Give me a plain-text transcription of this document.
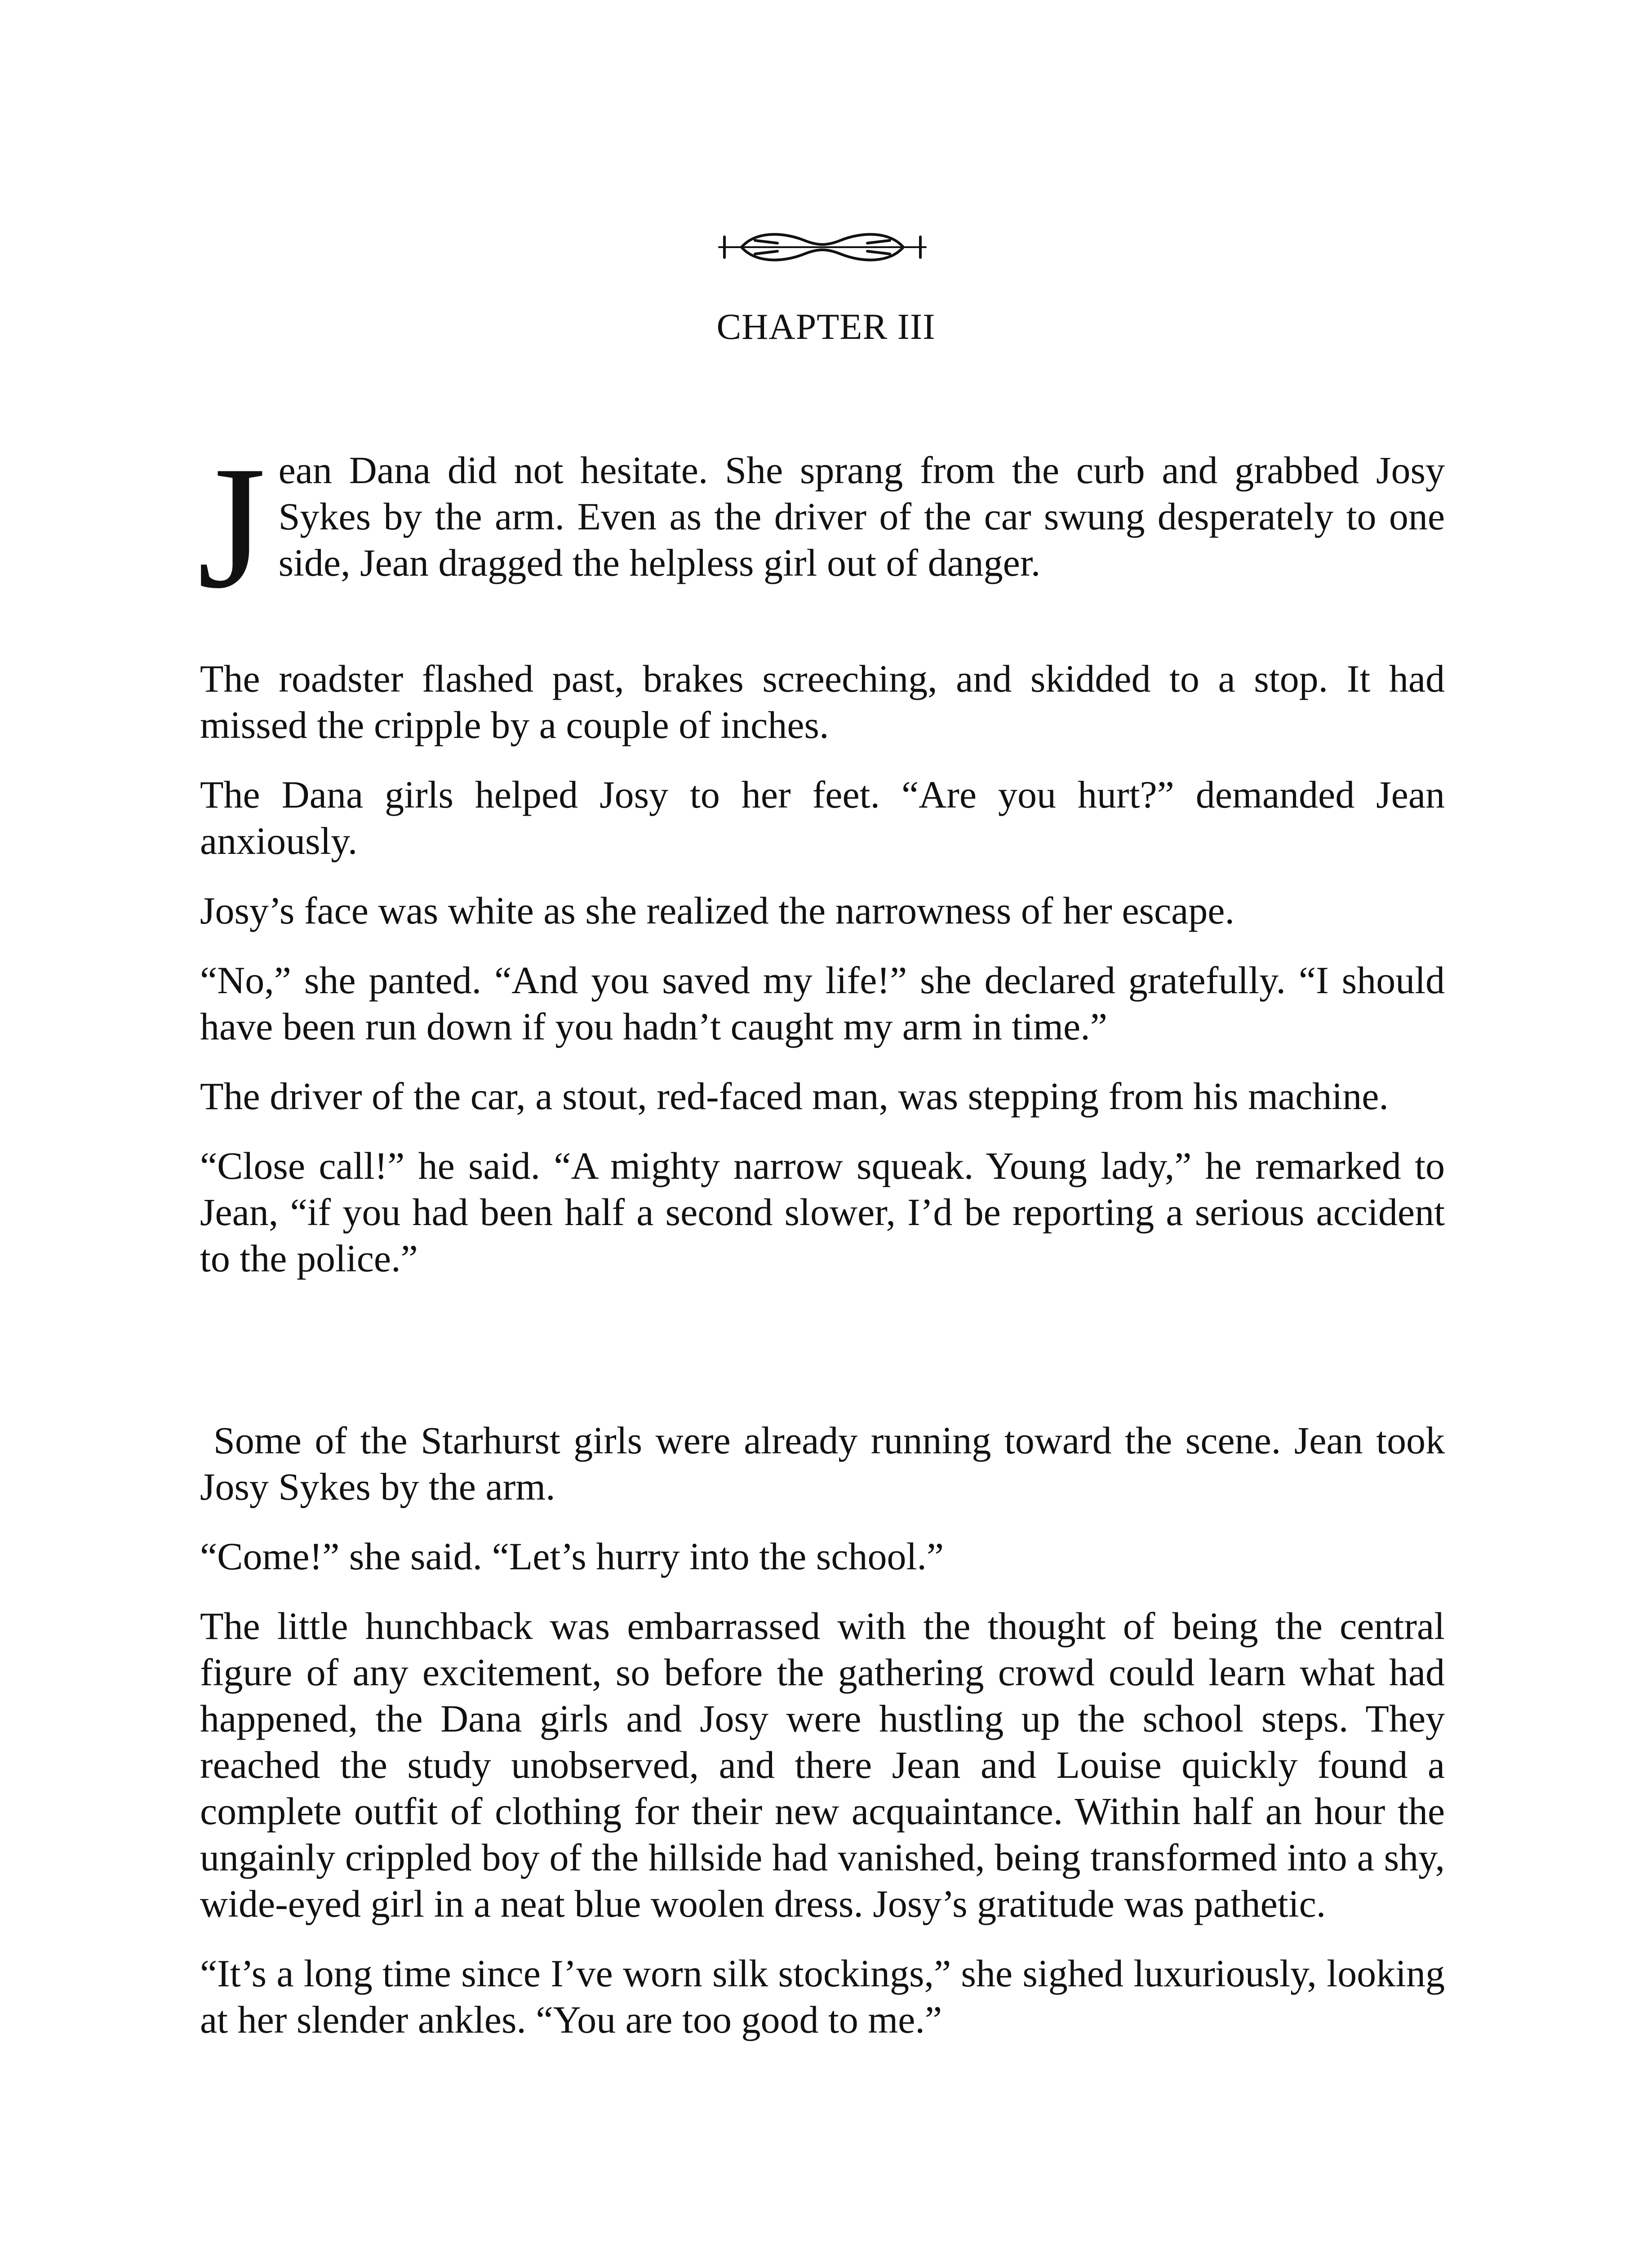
CHAPTER III

Jean Dana did not hesitate. She sprang from the curb and grabbed Josy Sykes by the arm. Even as the driver of the car swung desperately to one side, Jean dragged the helpless girl out of danger.

The roadster flashed past, brakes screeching, and skidded to a stop. It had missed the cripple by a couple of inches.

The Dana girls helped Josy to her feet. “Are you hurt?” demanded Jean anxiously.

Josy’s face was white as she realized the narrowness of her escape.

“No,” she panted. “And you saved my life!” she declared gratefully. “I should have been run down if you hadn’t caught my arm in time.”

The driver of the car, a stout, red-faced man, was stepping from his machine.

“Close call!” he said. “A mighty narrow squeak. Young lady,” he remarked to Jean, “if you had been half a second slower, I’d be reporting a serious accident to the police.”

Some of the Starhurst girls were already running toward the scene. Jean took Josy Sykes by the arm.

“Come!” she said. “Let’s hurry into the school.”

The little hunchback was embarrassed with the thought of being the central figure of any excitement, so before the gathering crowd could learn what had happened, the Dana girls and Josy were hustling up the school steps. They reached the study unobserved, and there Jean and Louise quickly found a complete outfit of clothing for their new acquaintance. Within half an hour the ungainly crippled boy of the hillside had vanished, being transformed into a shy, wide-eyed girl in a neat blue woolen dress. Josy’s gratitude was pathetic.

“It’s a long time since I’ve worn silk stockings,” she sighed luxuriously, looking at her slender ankles. “You are too good to me.”
